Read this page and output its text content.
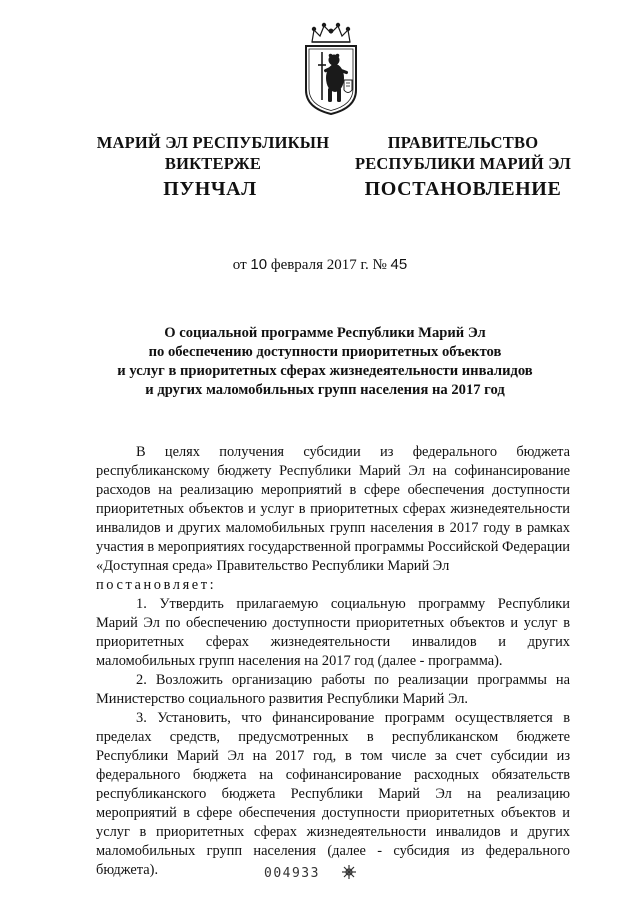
МАРИЙ ЭЛ РЕСПУБЛИКЫН
ВИКТЕРЖЕ
ПРАВИТЕЛЬСТВО
РЕСПУБЛИКИ МАРИЙ ЭЛ
ПУНЧАЛ	ПОСТАНОВЛЕНИЕ
от 10 февраля 2017 г. № 45
О социальной программе Республики Марий Эл
по обеспечению доступности приоритетных объектов
и услуг в приоритетных сферах жизнедеятельности инвалидов
и других маломобильных групп населения на 2017 год

В целях получения субсидии из федерального бюджета республиканскому бюджету Республики Марий Эл на софинансирование расходов на реализацию мероприятий в сфере обеспечения доступности приоритетных объектов и услуг в приоритетных сферах жизнедеятельности инвалидов и других маломобильных групп населения в 2017 году в рамках участия в мероприятиях государственной программы Российской Федерации «Доступная среда» Правительство Республики Марий Эл

постановляет:

1. Утвердить прилагаемую социальную программу Республики Марий Эл по обеспечению доступности приоритетных объектов и услуг в приоритетных сферах жизнедеятельности инвалидов и других маломобильных групп населения на 2017 год (далее - программа).

2. Возложить организацию работы по реализации программы на Министерство социального развития Республики Марий Эл.

3. Установить, что финансирование программ осуществляется в пределах средств, предусмотренных в республиканском бюджете Республики Марий Эл на 2017 год, в том числе за счет субсидии из федерального бюджета на софинансирование расходных обязательств республиканского бюджета Республики Марий Эл на реализацию мероприятий в сфере обеспечения доступности приоритетных объектов и услуг в приоритетных сферах жизнедеятельности инвалидов и других маломобильных групп населения (далее - субсидия из федерального бюджета).	004933
